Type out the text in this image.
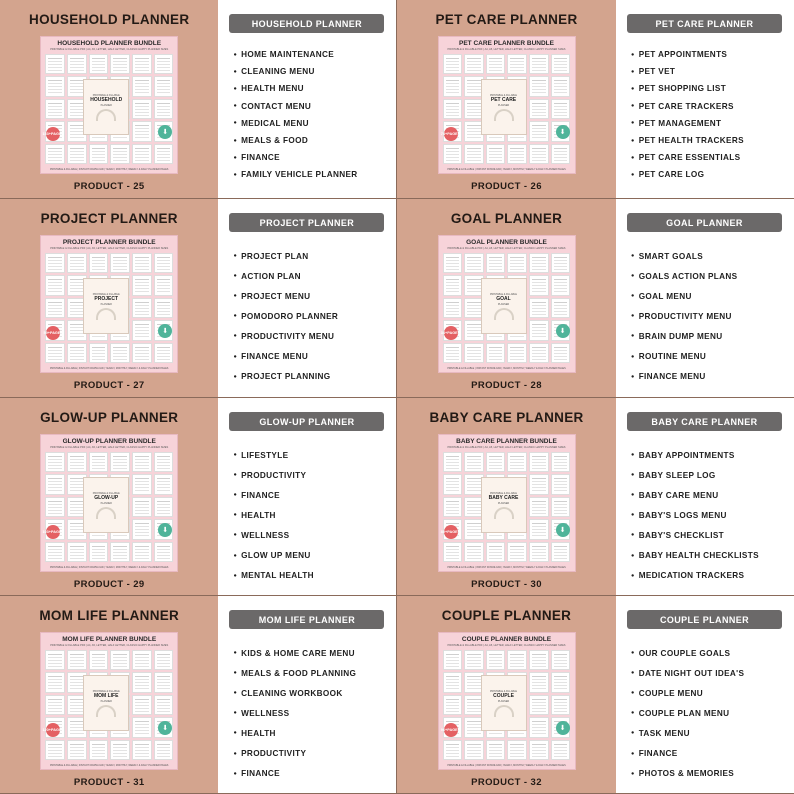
HOUSEHOLD PLANNER
HOUSEHOLD PLANNER BUNDLE
PRINTABLE & FILLABLE PDF | A4, A5, LETTER, HALF LETTER, CLASSIC HAPPY PLANNER SIZES
PRINTABLE & FILLABLE
HOUSEHOLD
PLANNER
153+ PAGES	⬇
PRINTABLE & FILLABLE | INSTANT DOWNLOAD | YEARLY, MONTHLY, WEEKLY & DAILY PLANNER PAGES
PRODUCT - 25
HOUSEHOLD PLANNER
● HOME MAINTENANCE
● CLEANING MENU
● HEALTH MENU
● CONTACT MENU
● MEDICAL MENU
● MEALS & FOOD
● FINANCE
● FAMILY VEHICLE PLANNER
PET CARE PLANNER
PET CARE PLANNER BUNDLE
PRINTABLE & FILLABLE PDF | A4, A5, LETTER, HALF LETTER, CLASSIC HAPPY PLANNER SIZES
PRINTABLE & FILLABLE
PET CARE
PLANNER
74+ PAGES	⬇
PRINTABLE & FILLABLE | INSTANT DOWNLOAD | YEARLY, MONTHLY, WEEKLY & DAILY PLANNER PAGES
PRODUCT - 26
PET CARE PLANNER
● PET APPOINTMENTS
● PET VET
● PET SHOPPING LIST
● PET CARE TRACKERS
● PET MANAGEMENT
● PET HEALTH TRACKERS
● PET CARE ESSENTIALS
● PET CARE LOG
PROJECT PLANNER
PROJECT PLANNER BUNDLE
PRINTABLE & FILLABLE PDF | A4, A5, LETTER, HALF LETTER, CLASSIC HAPPY PLANNER SIZES
PRINTABLE & FILLABLE
PROJECT
PLANNER
59+ PAGES	⬇
PRINTABLE & FILLABLE | INSTANT DOWNLOAD | YEARLY, MONTHLY, WEEKLY & DAILY PLANNER PAGES
PRODUCT - 27
PROJECT PLANNER
● PROJECT PLAN
● ACTION PLAN
● PROJECT MENU
● POMODORO PLANNER
● PRODUCTIVITY MENU
● FINANCE MENU
● PROJECT PLANNING
GOAL PLANNER
GOAL PLANNER BUNDLE
PRINTABLE & FILLABLE PDF | A4, A5, LETTER, HALF LETTER, CLASSIC HAPPY PLANNER SIZES
PRINTABLE & FILLABLE
GOAL
PLANNER
34+ PAGES	⬇
PRINTABLE & FILLABLE | INSTANT DOWNLOAD | YEARLY, MONTHLY, WEEKLY & DAILY PLANNER PAGES
PRODUCT - 28
GOAL PLANNER
● SMART GOALS
● GOALS ACTION PLANS
● GOAL MENU
● PRODUCTIVITY MENU
● BRAIN DUMP MENU
● ROUTINE MENU
● FINANCE MENU
GLOW-UP PLANNER
GLOW-UP PLANNER BUNDLE
PRINTABLE & FILLABLE PDF | A4, A5, LETTER, HALF LETTER, CLASSIC HAPPY PLANNER SIZES
PRINTABLE & FILLABLE
GLOW-UP
PLANNER
103+ PAGES	⬇
PRINTABLE & FILLABLE | INSTANT DOWNLOAD | YEARLY, MONTHLY, WEEKLY & DAILY PLANNER PAGES
PRODUCT - 29
GLOW-UP PLANNER
● LIFESTYLE
● PRODUCTIVITY
● FINANCE
● HEALTH
● WELLNESS
● GLOW UP MENU
● MENTAL HEALTH
BABY CARE PLANNER
BABY CARE PLANNER BUNDLE
PRINTABLE & FILLABLE PDF | A4, A5, LETTER, HALF LETTER, CLASSIC HAPPY PLANNER SIZES
PRINTABLE & FILLABLE
BABY CARE
PLANNER
80+ PAGES	⬇
PRINTABLE & FILLABLE | INSTANT DOWNLOAD | YEARLY, MONTHLY, WEEKLY & DAILY PLANNER PAGES
PRODUCT - 30
BABY CARE PLANNER
● BABY APPOINTMENTS
● BABY SLEEP LOG
● BABY CARE MENU
● BABY'S LOGS MENU
● BABY'S CHECKLIST
● BABY HEALTH CHECKLISTS
● MEDICATION TRACKERS
MOM LIFE PLANNER
MOM LIFE PLANNER BUNDLE
PRINTABLE & FILLABLE PDF | A4, A5, LETTER, HALF LETTER, CLASSIC HAPPY PLANNER SIZES
PRINTABLE & FILLABLE
MOM LIFE
PLANNER
120+ PAGES	⬇
PRINTABLE & FILLABLE | INSTANT DOWNLOAD | YEARLY, MONTHLY, WEEKLY & DAILY PLANNER PAGES
PRODUCT - 31
MOM LIFE PLANNER
● KIDS & HOME CARE MENU
● MEALS & FOOD PLANNING
● CLEANING WORKBOOK
● WELLNESS
● HEALTH
● PRODUCTIVITY
● FINANCE
COUPLE PLANNER
COUPLE PLANNER BUNDLE
PRINTABLE & FILLABLE PDF | A4, A5, LETTER, HALF LETTER, CLASSIC HAPPY PLANNER SIZES
PRINTABLE & FILLABLE
COUPLE
PLANNER
96+ PAGES	⬇
PRINTABLE & FILLABLE | INSTANT DOWNLOAD | YEARLY, MONTHLY, WEEKLY & DAILY PLANNER PAGES
PRODUCT - 32
COUPLE PLANNER
● OUR COUPLE GOALS
● DATE NIGHT OUT IDEA'S
● COUPLE MENU
● COUPLE PLAN MENU
● TASK MENU
● FINANCE
● PHOTOS & MEMORIES
